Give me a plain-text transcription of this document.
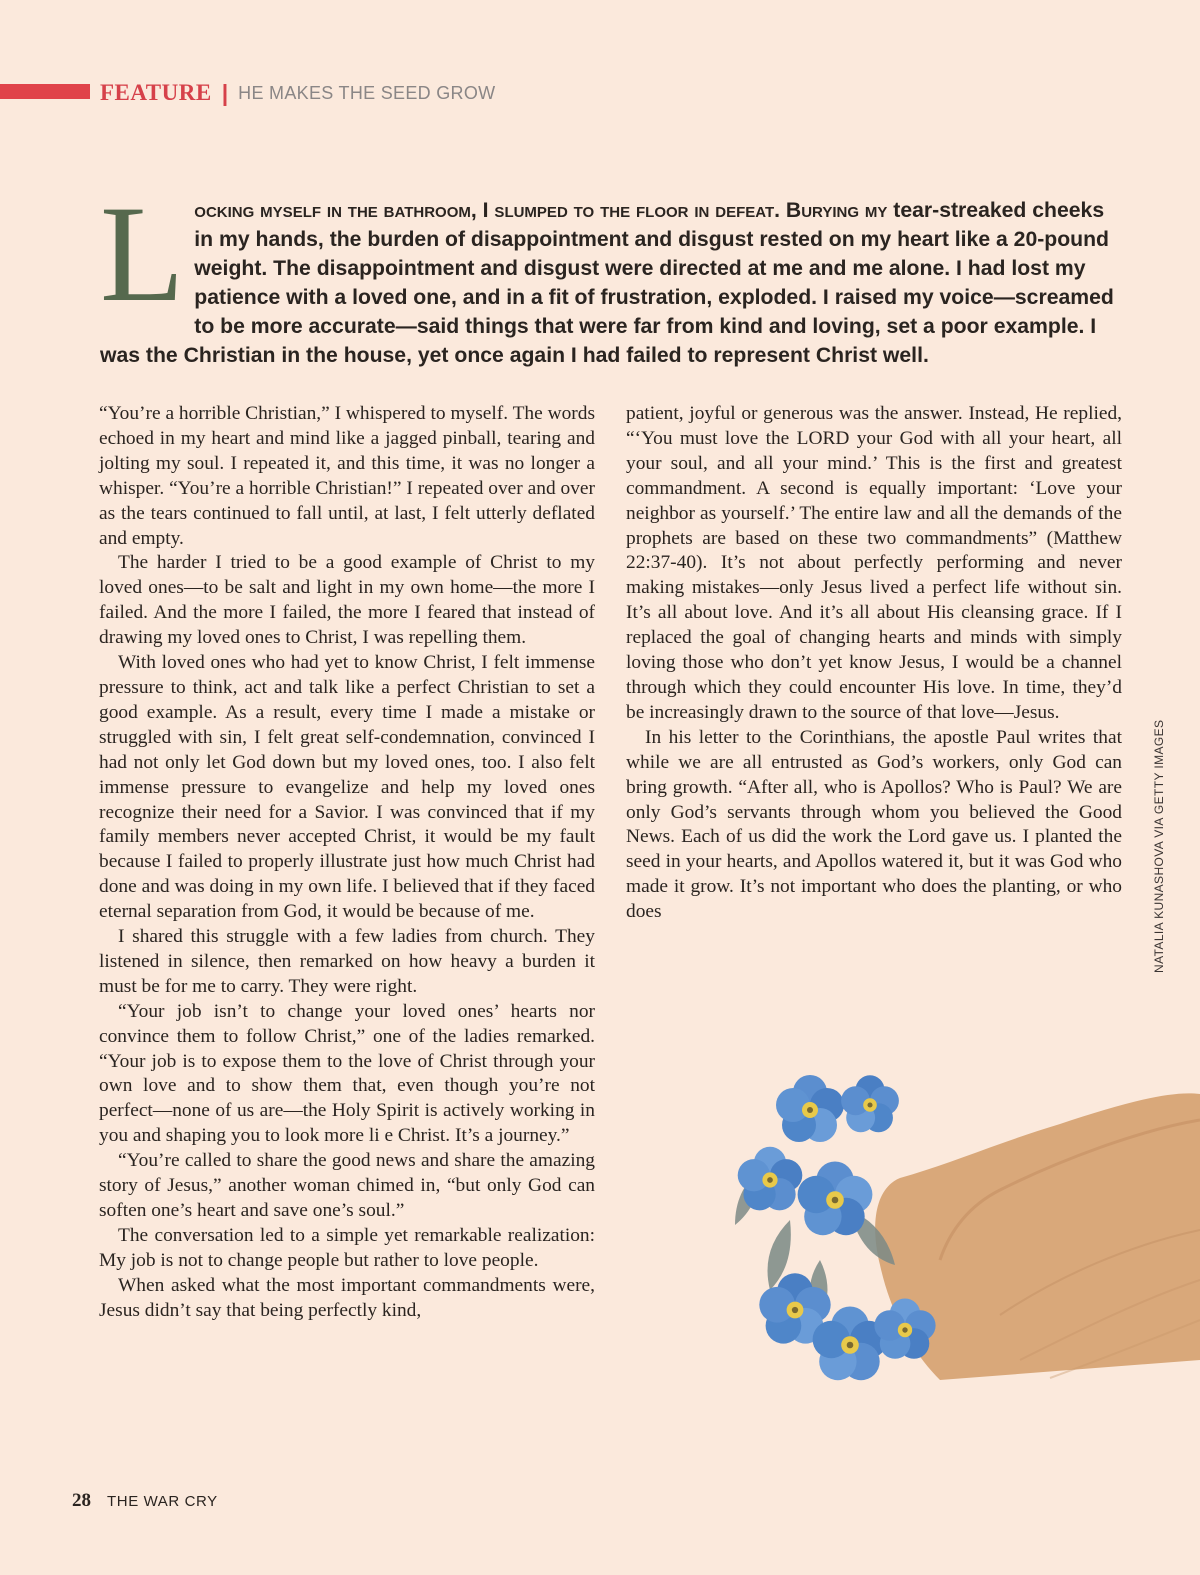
FEATURE | HE MAKES THE SEED GROW
Locking myself in the bathroom, I slumped to the floor in defeat. Burying my tear-streaked cheeks in my hands, the burden of disappointment and disgust rested on my heart like a 20-pound weight. The disappointment and disgust were directed at me and me alone. I had lost my patience with a loved one, and in a fit of frustration, exploded. I raised my voice—screamed to be more accurate—said things that were far from kind and loving, set a poor example. I was the Christian in the house, yet once again I had failed to represent Christ well.

“You’re a horrible Christian,” I whispered to myself. The words echoed in my heart and mind like a jagged pinball, tearing and jolting my soul. I repeated it, and this time, it was no longer a whisper. “You’re a horrible Christian!” I repeated over and over as the tears continued to fall until, at last, I felt utterly deflated and empty.

The harder I tried to be a good example of Christ to my loved ones—to be salt and light in my own home—the more I failed. And the more I failed, the more I feared that instead of drawing my loved ones to Christ, I was repelling them.

With loved ones who had yet to know Christ, I felt immense pressure to think, act and talk like a perfect Christian to set a good example. As a result, every time I made a mistake or struggled with sin, I felt great self-condemnation, convinced I had not only let God down but my loved ones, too. I also felt immense pressure to evangelize and help my loved ones recognize their need for a Savior. I was convinced that if my family members never accepted Christ, it would be my fault because I failed to properly illustrate just how much Christ had done and was doing in my own life. I believed that if they faced eternal separation from God, it would be because of me.

I shared this struggle with a few ladies from church. They listened in silence, then remarked on how heavy a burden it must be for me to carry. They were right.

“Your job isn’t to change your loved ones’ hearts nor convince them to follow Christ,” one of the ladies remarked. “Your job is to expose them to the love of Christ through your own love and to show them that, even though you’re not perfect—none of us are—the Holy Spirit is actively working in you and shaping you to look more li e Christ. It’s a journey.”

“You’re called to share the good news and share the amazing story of Jesus,” another woman chimed in, “but only God can soften one’s heart and save one’s soul.”

The conversation led to a simple yet remarkable realization: My job is not to change people but rather to love people.

When asked what the most important commandments were, Jesus didn’t say that being perfectly kind,

patient, joyful or generous was the answer. Instead, He replied, “‘You must love the LORD your God with all your heart, all your soul, and all your mind.’ This is the first and greatest commandment. A second is equally important: ‘Love your neighbor as yourself.’ The entire law and all the demands of the prophets are based on these two commandments” (Matthew 22:37-40). It’s not about perfectly performing and never making mistakes—only Jesus lived a perfect life without sin. It’s all about love. And it’s all about His cleansing grace. If I replaced the goal of changing hearts and minds with simply loving those who don’t yet know Jesus, I would be a channel through which they could encounter His love. In time, they’d be increasingly drawn to the source of that love—Jesus.

In his letter to the Corinthians, the apostle Paul writes that while we are all entrusted as God’s workers, only God can bring growth. “After all, who is Apollos? Who is Paul? We are only God’s servants through whom you believed the Good News. Each of us did the work the Lord gave us. I planted the seed in your hearts, and Apollos watered it, but it was God who made it grow. It’s not important who does the planting, or who does	NATALIA KUNASHOVA VIA GETTY IMAGES
28 THE WAR CRY
